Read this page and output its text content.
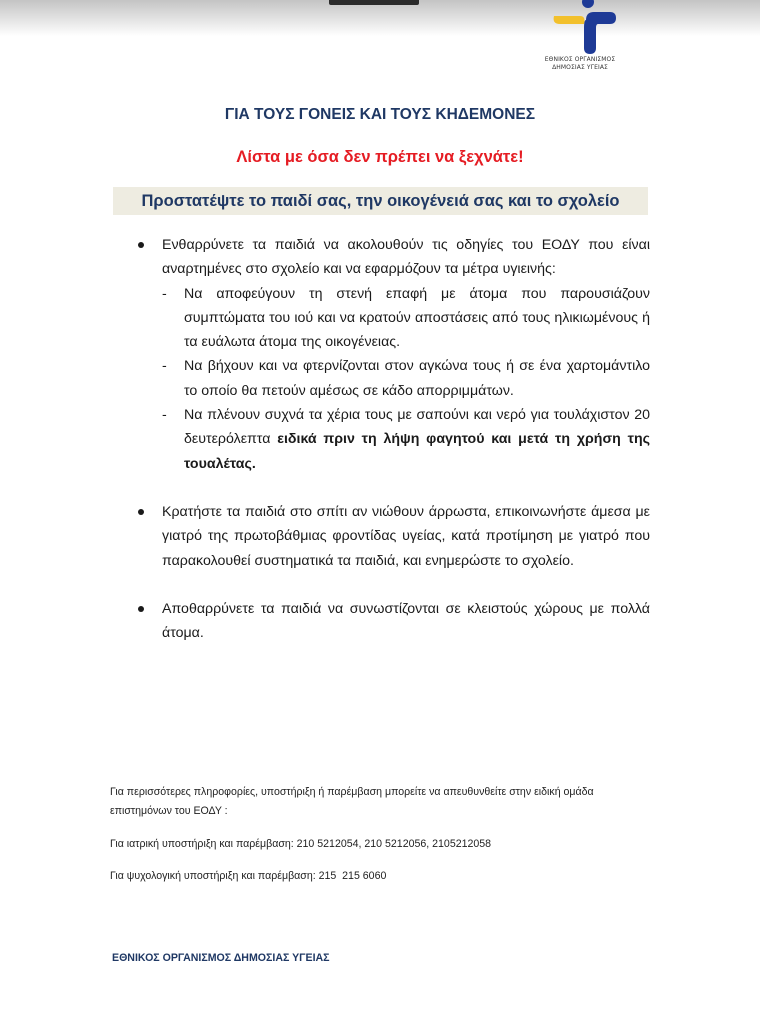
ΕΘΝΙΚΟΣ ΟΡΓΑΝΙΣΜΟΣ
ΔΗΜΟΣΙΑΣ ΥΓΕΙΑΣ
ΓΙΑ ΤΟΥΣ ΓΟΝΕΙΣ ΚΑΙ ΤΟΥΣ ΚΗΔΕΜΟΝΕΣ
Λίστα με όσα δεν πρέπει να ξεχνάτε!
Προστατέψτε το παιδί σας, την οικογένειά σας και το σχολείο
Ενθαρρύνετε τα παιδιά να ακολουθούν τις οδηγίες του ΕΟΔΥ που είναι αναρτημένες στο σχολείο και να εφαρμόζουν τα μέτρα υγιεινής:
- Να αποφεύγουν τη στενή επαφή με άτομα που παρουσιάζουν συμπτώματα του ιού και να κρατούν αποστάσεις από τους ηλικιωμένους ή τα ευάλωτα άτομα της οικογένειας.
- Να βήχουν και να φτερνίζονται στον αγκώνα τους ή σε ένα χαρτομάντιλο το οποίο θα πετούν αμέσως σε κάδο απορριμμάτων.
- Να πλένουν συχνά τα χέρια τους με σαπούνι και νερό για τουλάχιστον 20 δευτερόλεπτα ειδικά πριν τη λήψη φαγητού και μετά τη χρήση της τουαλέτας.
Κρατήστε τα παιδιά στο σπίτι αν νιώθουν άρρωστα, επικοινωνήστε άμεσα με γιατρό της πρωτοβάθμιας φροντίδας υγείας, κατά προτίμηση με γιατρό που παρακολουθεί συστηματικά τα παιδιά, και ενημερώστε το σχολείο.
Αποθαρρύνετε τα παιδιά να συνωστίζονται σε κλειστούς χώρους με πολλά άτομα.
Για περισσότερες πληροφορίες, υποστήριξη ή παρέμβαση μπορείτε να απευθυνθείτε στην ειδική ομάδα επιστημόνων του ΕΟΔΥ :
Για ιατρική υποστήριξη και παρέμβαση: 210 5212054, 210 5212056, 2105212058
Για ψυχολογική υποστήριξη και παρέμβαση: 215  215 6060
ΕΘΝΙΚΟΣ ΟΡΓΑΝΙΣΜΟΣ ΔΗΜΟΣΙΑΣ ΥΓΕΙΑΣ
